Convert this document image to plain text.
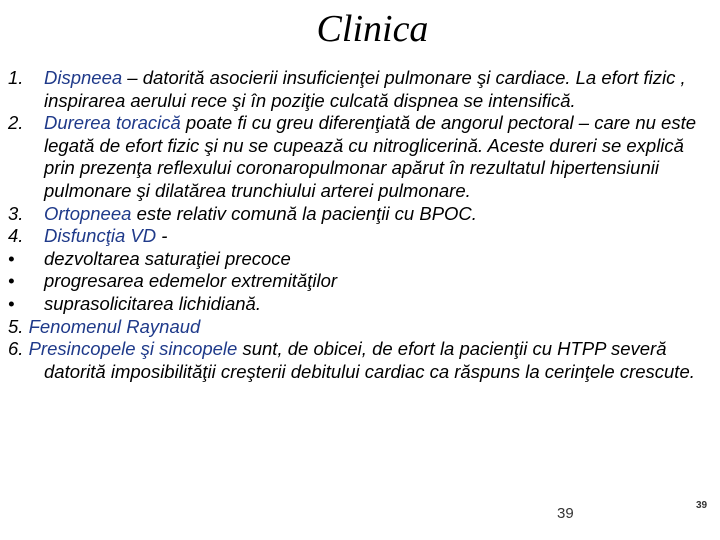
Clinica
1.	Dispneea – datorită asocierii insuficienţei pulmonare şi cardiace. La efort fizic , inspirarea aerului rece şi în poziţie culcată dispnea se intensifică.
2.	Durerea toracică poate fi cu greu diferenţiată de angorul pectoral – care nu este legată de efort fizic şi nu se cupează cu nitroglicerină. Aceste dureri se explică prin prezenţa reflexului coronaropulmonar apărut în rezultatul hipertensiunii pulmonare şi dilatărea trunchiului arterei pulmonare.
3.	Ortopneea este relativ comună la pacienţii cu BPOC.
4.	Disfuncţia VD -
•	dezvoltarea saturaţiei precoce
•	progresarea edemelor extremităţilor
•	suprasolicitarea lichidiană.
5. Fenomenul Raynaud
6. Presincopele şi sincopele sunt, de obicei, de efort la pacienţii cu HTPP severă datorită imposibilităţii creşterii debitului cardiac ca răspuns la cerinţele crescute.
39	39
